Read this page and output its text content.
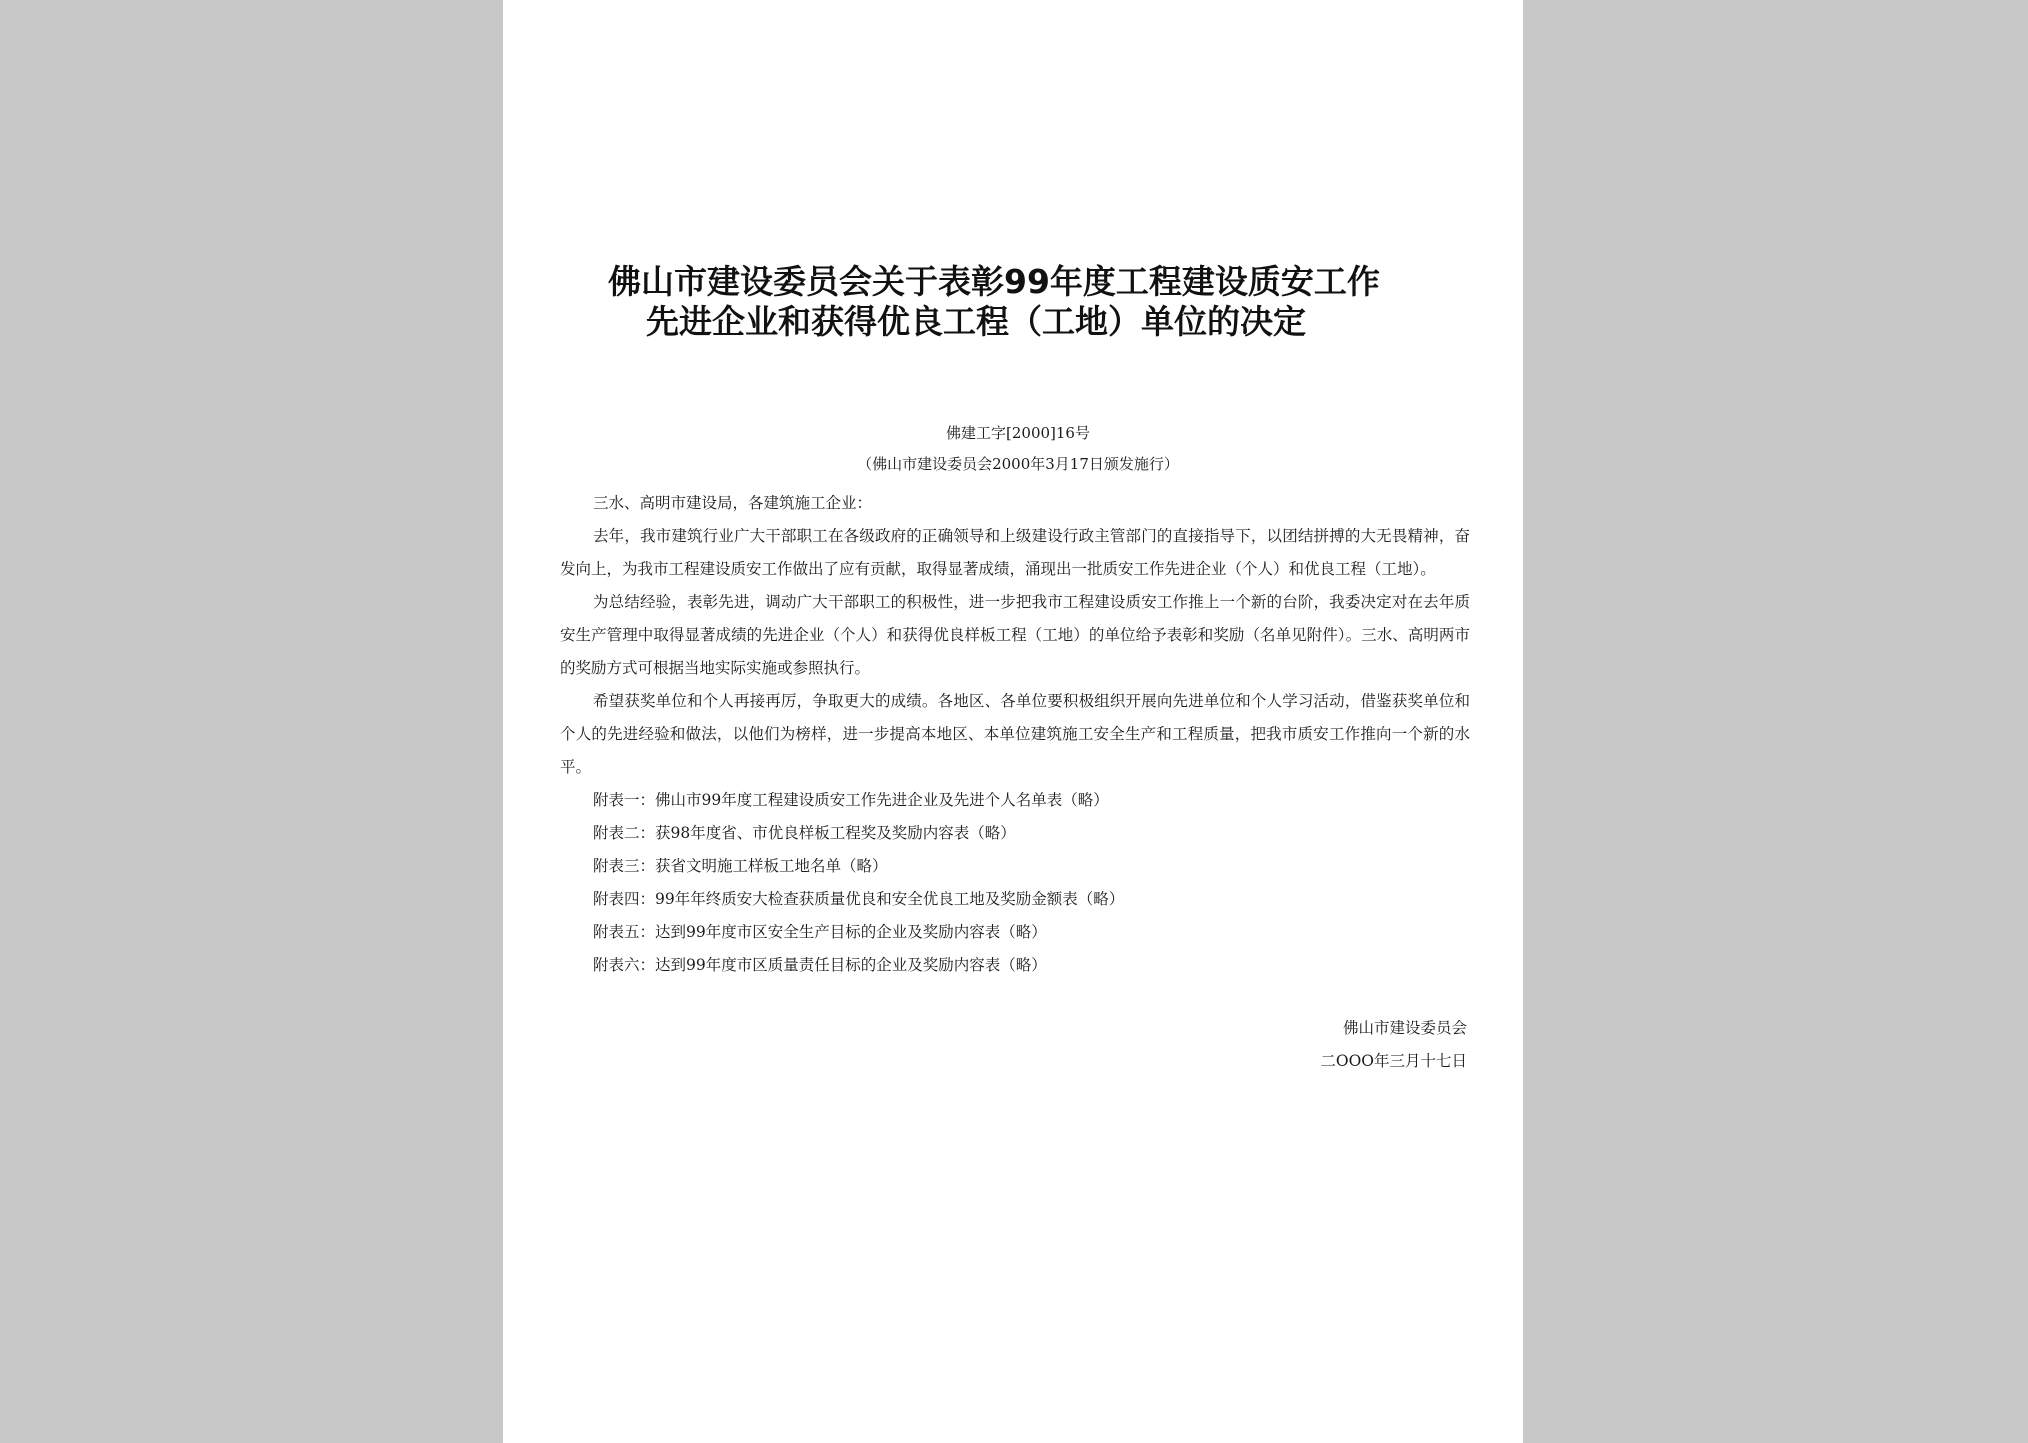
佛山市建设委员会关于表彰99年度工程建设质安工作
先进企业和获得优良工程（工地）单位的决定
佛建工字[2000]16号
（佛山市建设委员会2000年3月17日颁发施行）

三水、高明市建设局，各建筑施工企业：

去年，我市建筑行业广大干部职工在各级政府的正确领导和上级建设行政主管部门的直接指导下，以团结拼搏的大无畏精神，奋发向上，为我市工程建设质安工作做出了应有贡献，取得显著成绩，涌现出一批质安工作先进企业（个人）和优良工程（工地）。

为总结经验，表彰先进，调动广大干部职工的积极性，进一步把我市工程建设质安工作推上一个新的台阶，我委决定对在去年质安生产管理中取得显著成绩的先进企业（个人）和获得优良样板工程（工地）的单位给予表彰和奖励（名单见附件）。三水、高明两市的奖励方式可根据当地实际实施或参照执行。

希望获奖单位和个人再接再厉，争取更大的成绩。各地区、各单位要积极组织开展向先进单位和个人学习活动，借鉴获奖单位和个人的先进经验和做法，以他们为榜样，进一步提高本地区、本单位建筑施工安全生产和工程质量，把我市质安工作推向一个新的水平。

附表一：佛山市99年度工程建设质安工作先进企业及先进个人名单表（略）

附表二：获98年度省、市优良样板工程奖及奖励内容表（略）

附表三：获省文明施工样板工地名单（略）

附表四：99年年终质安大检查获质量优良和安全优良工地及奖励金额表（略）

附表五：达到99年度市区安全生产目标的企业及奖励内容表（略）

附表六：达到99年度市区质量责任目标的企业及奖励内容表（略）

佛山市建设委员会
二ΟΟΟ年三月十七日
